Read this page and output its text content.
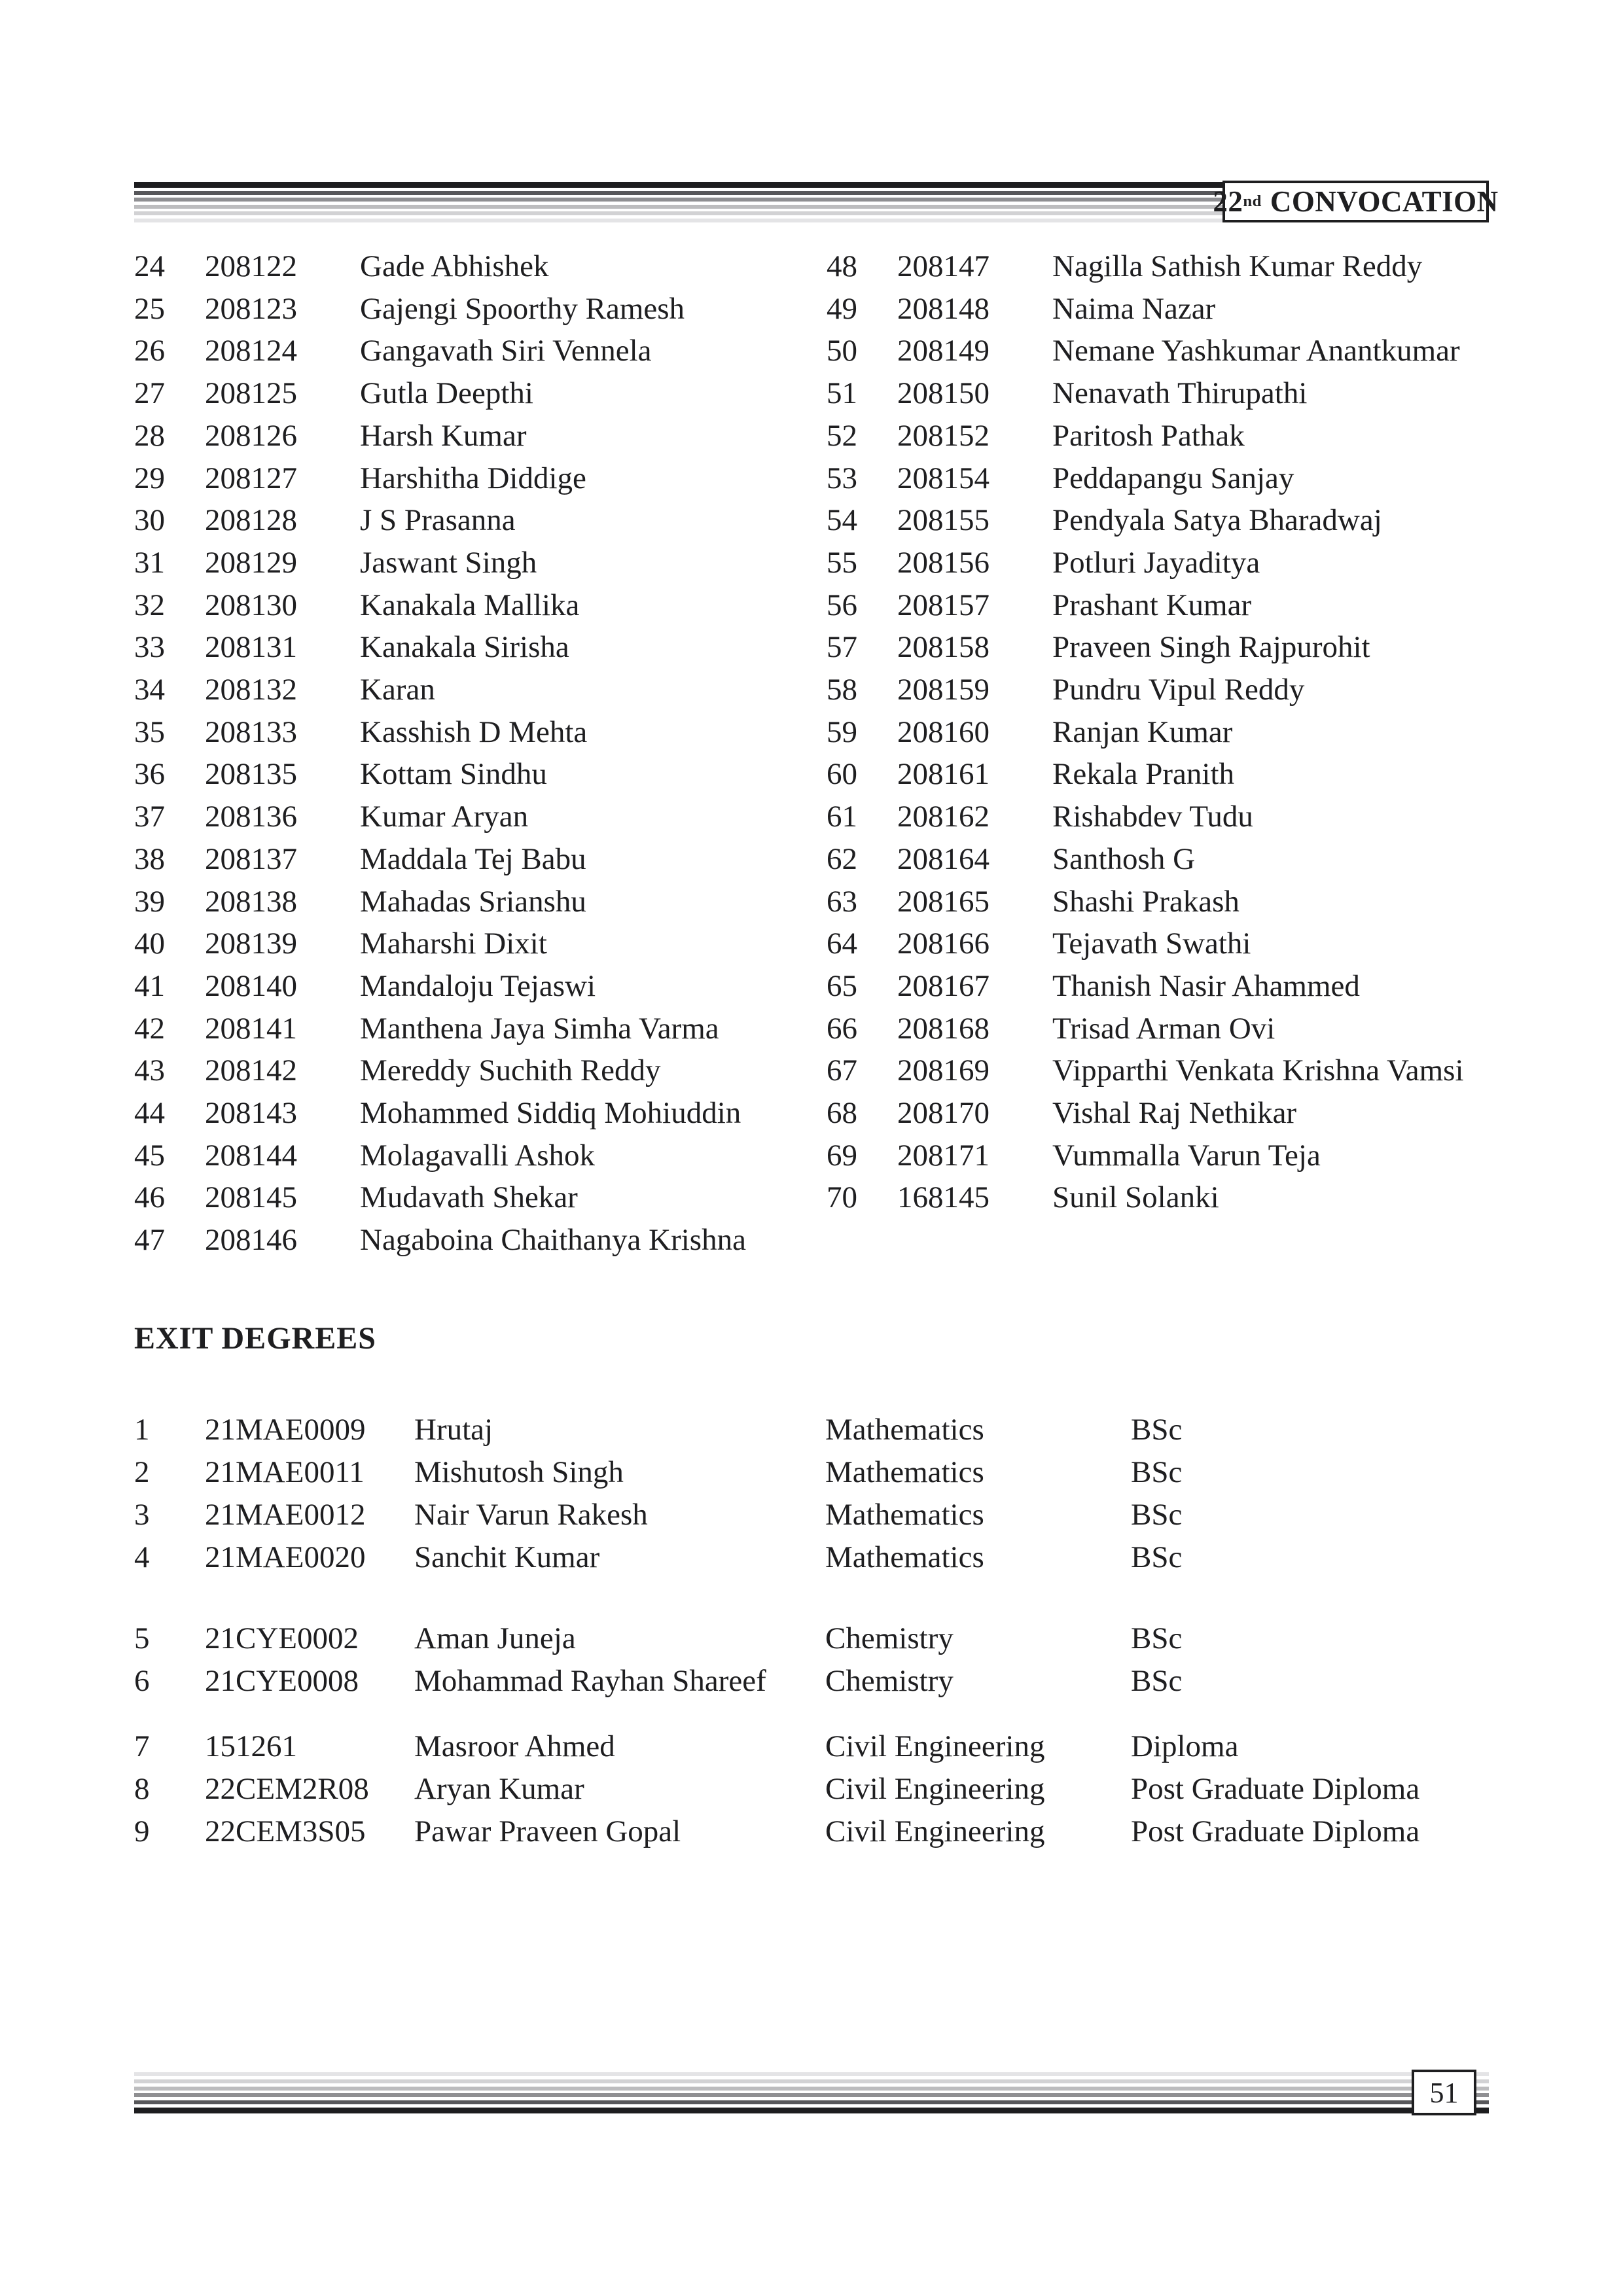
22 nd CONVOCATION
24	208122	Gade Abhishek
25	208123	Gajengi Spoorthy Ramesh
26	208124	Gangavath Siri Vennela
27	208125	Gutla Deepthi
28	208126	Harsh Kumar
29	208127	Harshitha Diddige
30	208128	J S Prasanna
31	208129	Jaswant Singh
32	208130	Kanakala Mallika
33	208131	Kanakala Sirisha
34	208132	Karan
35	208133	Kasshish D Mehta
36	208135	Kottam Sindhu
37	208136	Kumar Aryan
38	208137	Maddala Tej Babu
39	208138	Mahadas Srianshu
40	208139	Maharshi Dixit
41	208140	Mandaloju Tejaswi
42	208141	Manthena Jaya Simha Varma
43	208142	Mereddy Suchith Reddy
44	208143	Mohammed Siddiq Mohiuddin
45	208144	Molagavalli Ashok
46	208145	Mudavath Shekar
47	208146	Nagaboina Chaithanya Krishna
48	208147	Nagilla Sathish Kumar Reddy
49	208148	Naima Nazar
50	208149	Nemane Yashkumar Anantkumar
51	208150	Nenavath Thirupathi
52	208152	Paritosh Pathak
53	208154	Peddapangu Sanjay
54	208155	Pendyala Satya Bharadwaj
55	208156	Potluri Jayaditya
56	208157	Prashant Kumar
57	208158	Praveen Singh Rajpurohit
58	208159	Pundru Vipul Reddy
59	208160	Ranjan Kumar
60	208161	Rekala Pranith
61	208162	Rishabdev Tudu
62	208164	Santhosh G
63	208165	Shashi Prakash
64	208166	Tejavath Swathi
65	208167	Thanish Nasir Ahammed
66	208168	Trisad Arman Ovi
67	208169	Vipparthi Venkata Krishna Vamsi
68	208170	Vishal Raj Nethikar
69	208171	Vummalla Varun Teja
70	168145	Sunil Solanki
EXIT DEGREES
1	21MAE0009	Hrutaj	Mathematics	BSc
2	21MAE0011	Mishutosh Singh	Mathematics	BSc
3	21MAE0012	Nair Varun Rakesh	Mathematics	BSc
4	21MAE0020	Sanchit Kumar	Mathematics	BSc
5	21CYE0002	Aman Juneja	Chemistry	BSc
6	21CYE0008	Mohammad Rayhan Shareef	Chemistry	BSc
7	151261	Masroor Ahmed	Civil Engineering	Diploma
8	22CEM2R08	Aryan Kumar	Civil Engineering	Post Graduate Diploma
9	22CEM3S05	Pawar Praveen Gopal	Civil Engineering	Post Graduate Diploma
51
